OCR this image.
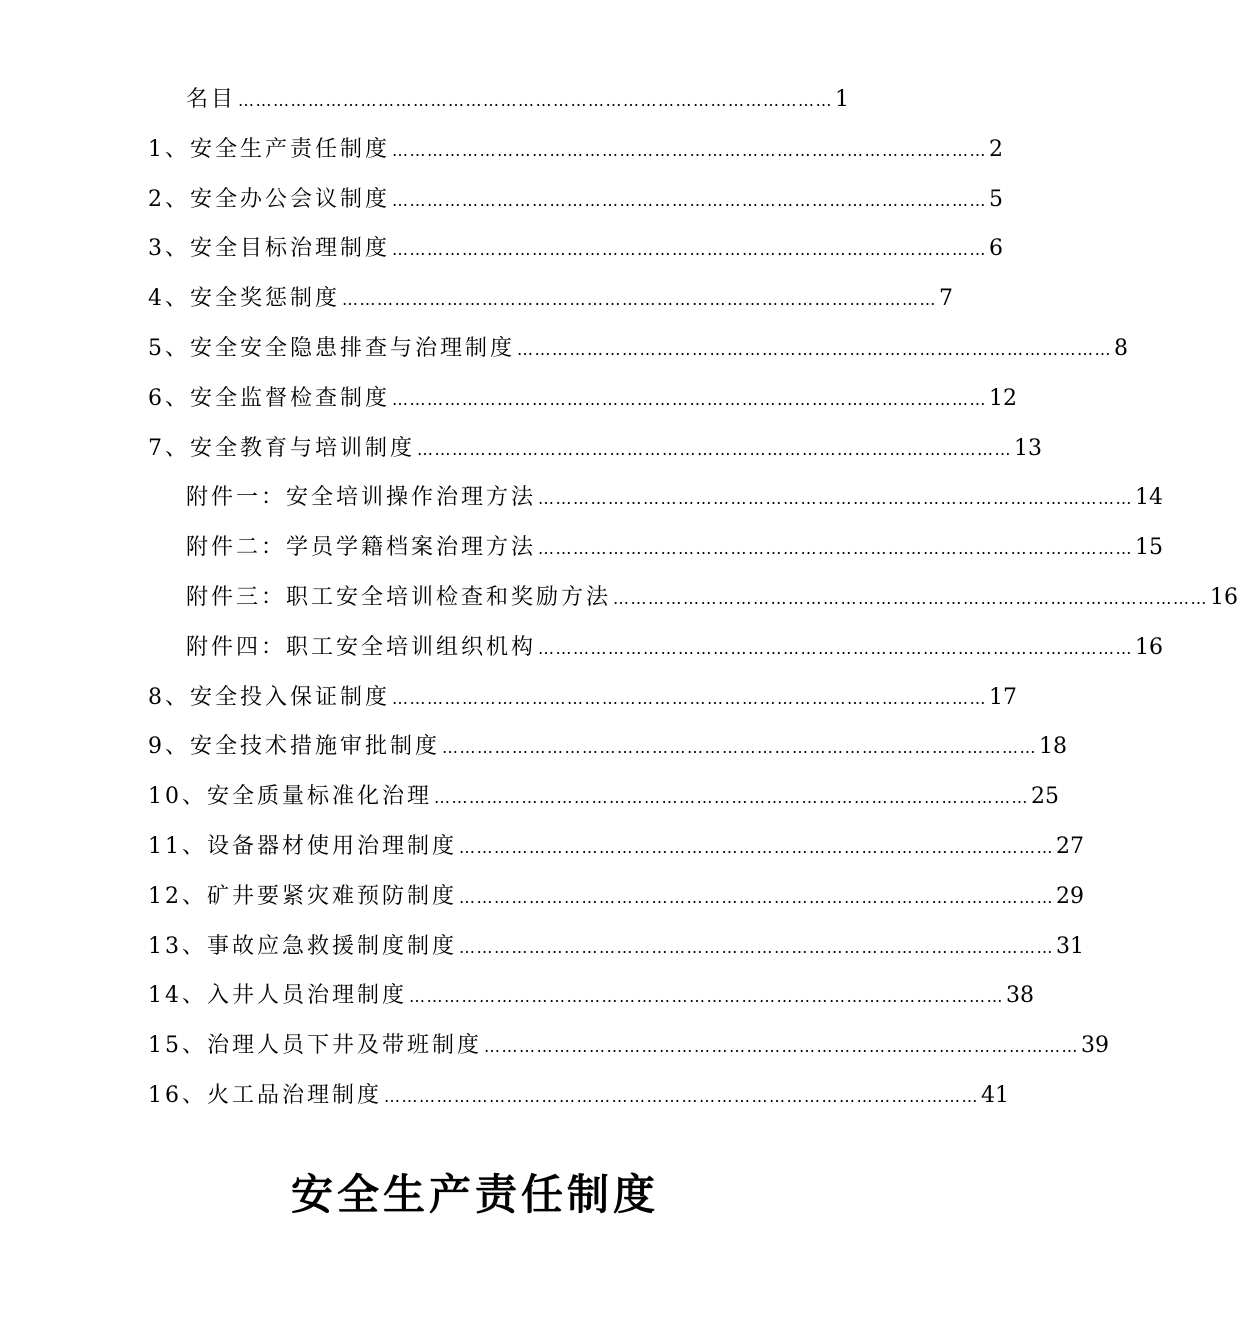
名目 ………………………………………………………………………………………… 1
1、安全生产责任制度 ………………………………………………………………………………………… 2
2、安全办公会议制度 ………………………………………………………………………………………… 5
3、安全目标治理制度 ………………………………………………………………………………………… 6
4、安全奖惩制度 ………………………………………………………………………………………… 7
5、安全安全隐患排查与治理制度 ………………………………………………………………………………………… 8
6、安全监督检查制度 ………………………………………………………………………………………… 12
7、安全教育与培训制度 ………………………………………………………………………………………… 13
附件一：安全培训操作治理方法 ………………………………………………………………………………………… 14
附件二：学员学籍档案治理方法 ………………………………………………………………………………………… 15
附件三：职工安全培训检查和奖励方法 ………………………………………………………………………………………… 16
附件四：职工安全培训组织机构 ………………………………………………………………………………………… 16
8、安全投入保证制度 ………………………………………………………………………………………… 17
9、安全技术措施审批制度 ………………………………………………………………………………………… 18
10、安全质量标准化治理 ………………………………………………………………………………………… 25
11、设备器材使用治理制度 ………………………………………………………………………………………… 27
12、矿井要紧灾难预防制度 ………………………………………………………………………………………… 29
13、事故应急救援制度制度 ………………………………………………………………………………………… 31
14、入井人员治理制度 ………………………………………………………………………………………… 38
15、治理人员下井及带班制度 ………………………………………………………………………………………… 39
16、火工品治理制度 ………………………………………………………………………………………… 41
安全生产责任制度
